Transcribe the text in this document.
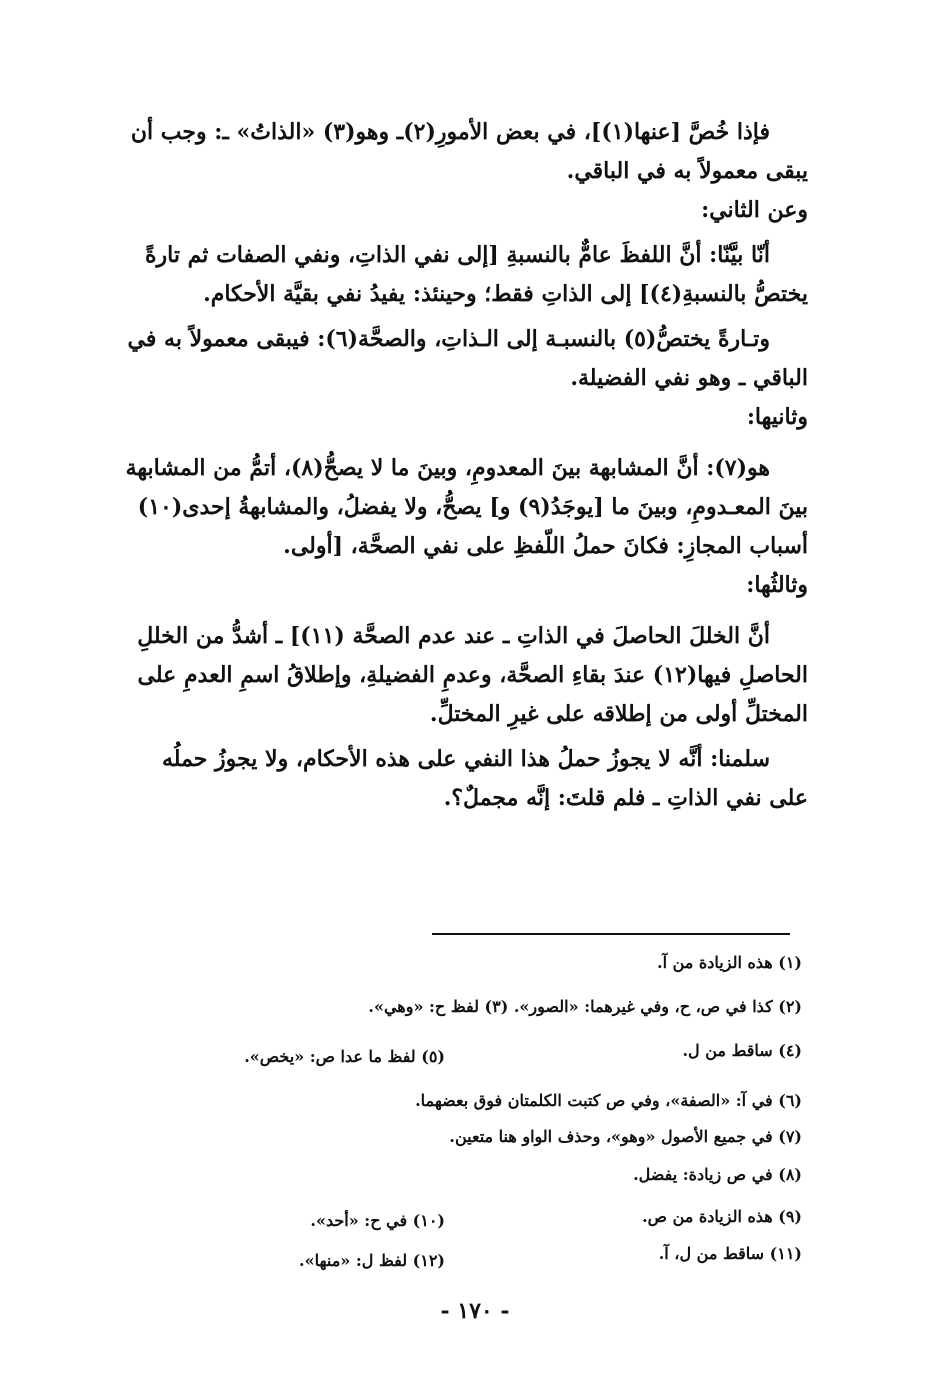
فإذا خُصَّ [عنها(١)]، في بعض الأمورِ(٢)ـ وهو(٣) «الذاتُ» ـ: وجب أن
يبقى معمولاً به في الباقي.
وعن الثاني:
أنّا بيَّنّا: أنَّ اللفظَ عامٌّ بالنسبةِ [إلى نفي الذاتِ، ونفي الصفات ثم تارةً
يختصُّ بالنسبةِ(٤)] إلى الذاتِ فقط؛ وحينئذ: يفيدُ نفي بقيَّة الأحكام.
وتـارةً يختصُّ(٥) بالنسبـة إلى الـذاتِ، والصحَّة(٦): فيبقى معمولاً به في
الباقي ـ وهو نفي الفضيلة.
وثانيها:
هو(٧): أنَّ المشابهة بينَ المعدومِ، وبينَ ما لا يصحُّ(٨)، أتمُّ من المشابهة
بينَ المعـدومِ، وبينَ ما [يوجَدُ(٩) و] يصحُّ، ولا يفضلُ، والمشابهةُ إحدى(١٠)
أسباب المجازِ: فكانَ حملُ اللّفظِ على نفي الصحَّة، [أولى.
وثالثُها:
أنَّ الخللَ الحاصلَ في الذاتِ ـ عند عدم الصحَّة (١١)] ـ أشدُّ من الخللِ
الحاصلِ فيها(١٢) عندَ بقاءِ الصحَّة، وعدمِ الفضيلةِ، وإطلاقُ اسمِ العدمِ على
المختلِّ أولى من إطلاقه على غيرِ المختلِّ.
سلمنا: أنَّه لا يجوزُ حملُ هذا النفي على هذه الأحكام، ولا يجوزُ حملُه
على نفي الذاتِ ـ فلم قلتَ: إنَّه مجملٌ؟.
(١) هذه الزيادة من آ.
(٢) كذا في ص، ح، وفي غيرهما: «الصور». (٣) لفظ ح: «وهي».
(٤) ساقط من ل.
(٥) لفظ ما عدا ص: «يخص».
(٦) في آ: «الصفة»، وفي ص كتبت الكلمتان فوق بعضهما.
(٧) في جميع الأصول «وهو»، وحذف الواو هنا متعين.
(٨) في ص زيادة: يفضل.
(٩) هذه الزيادة من ص.
(١٠) في ح: «أحد».
(١١) ساقط من ل، آ.
(١٢) لفظ ل: «منها».
- ١٧٠ -
